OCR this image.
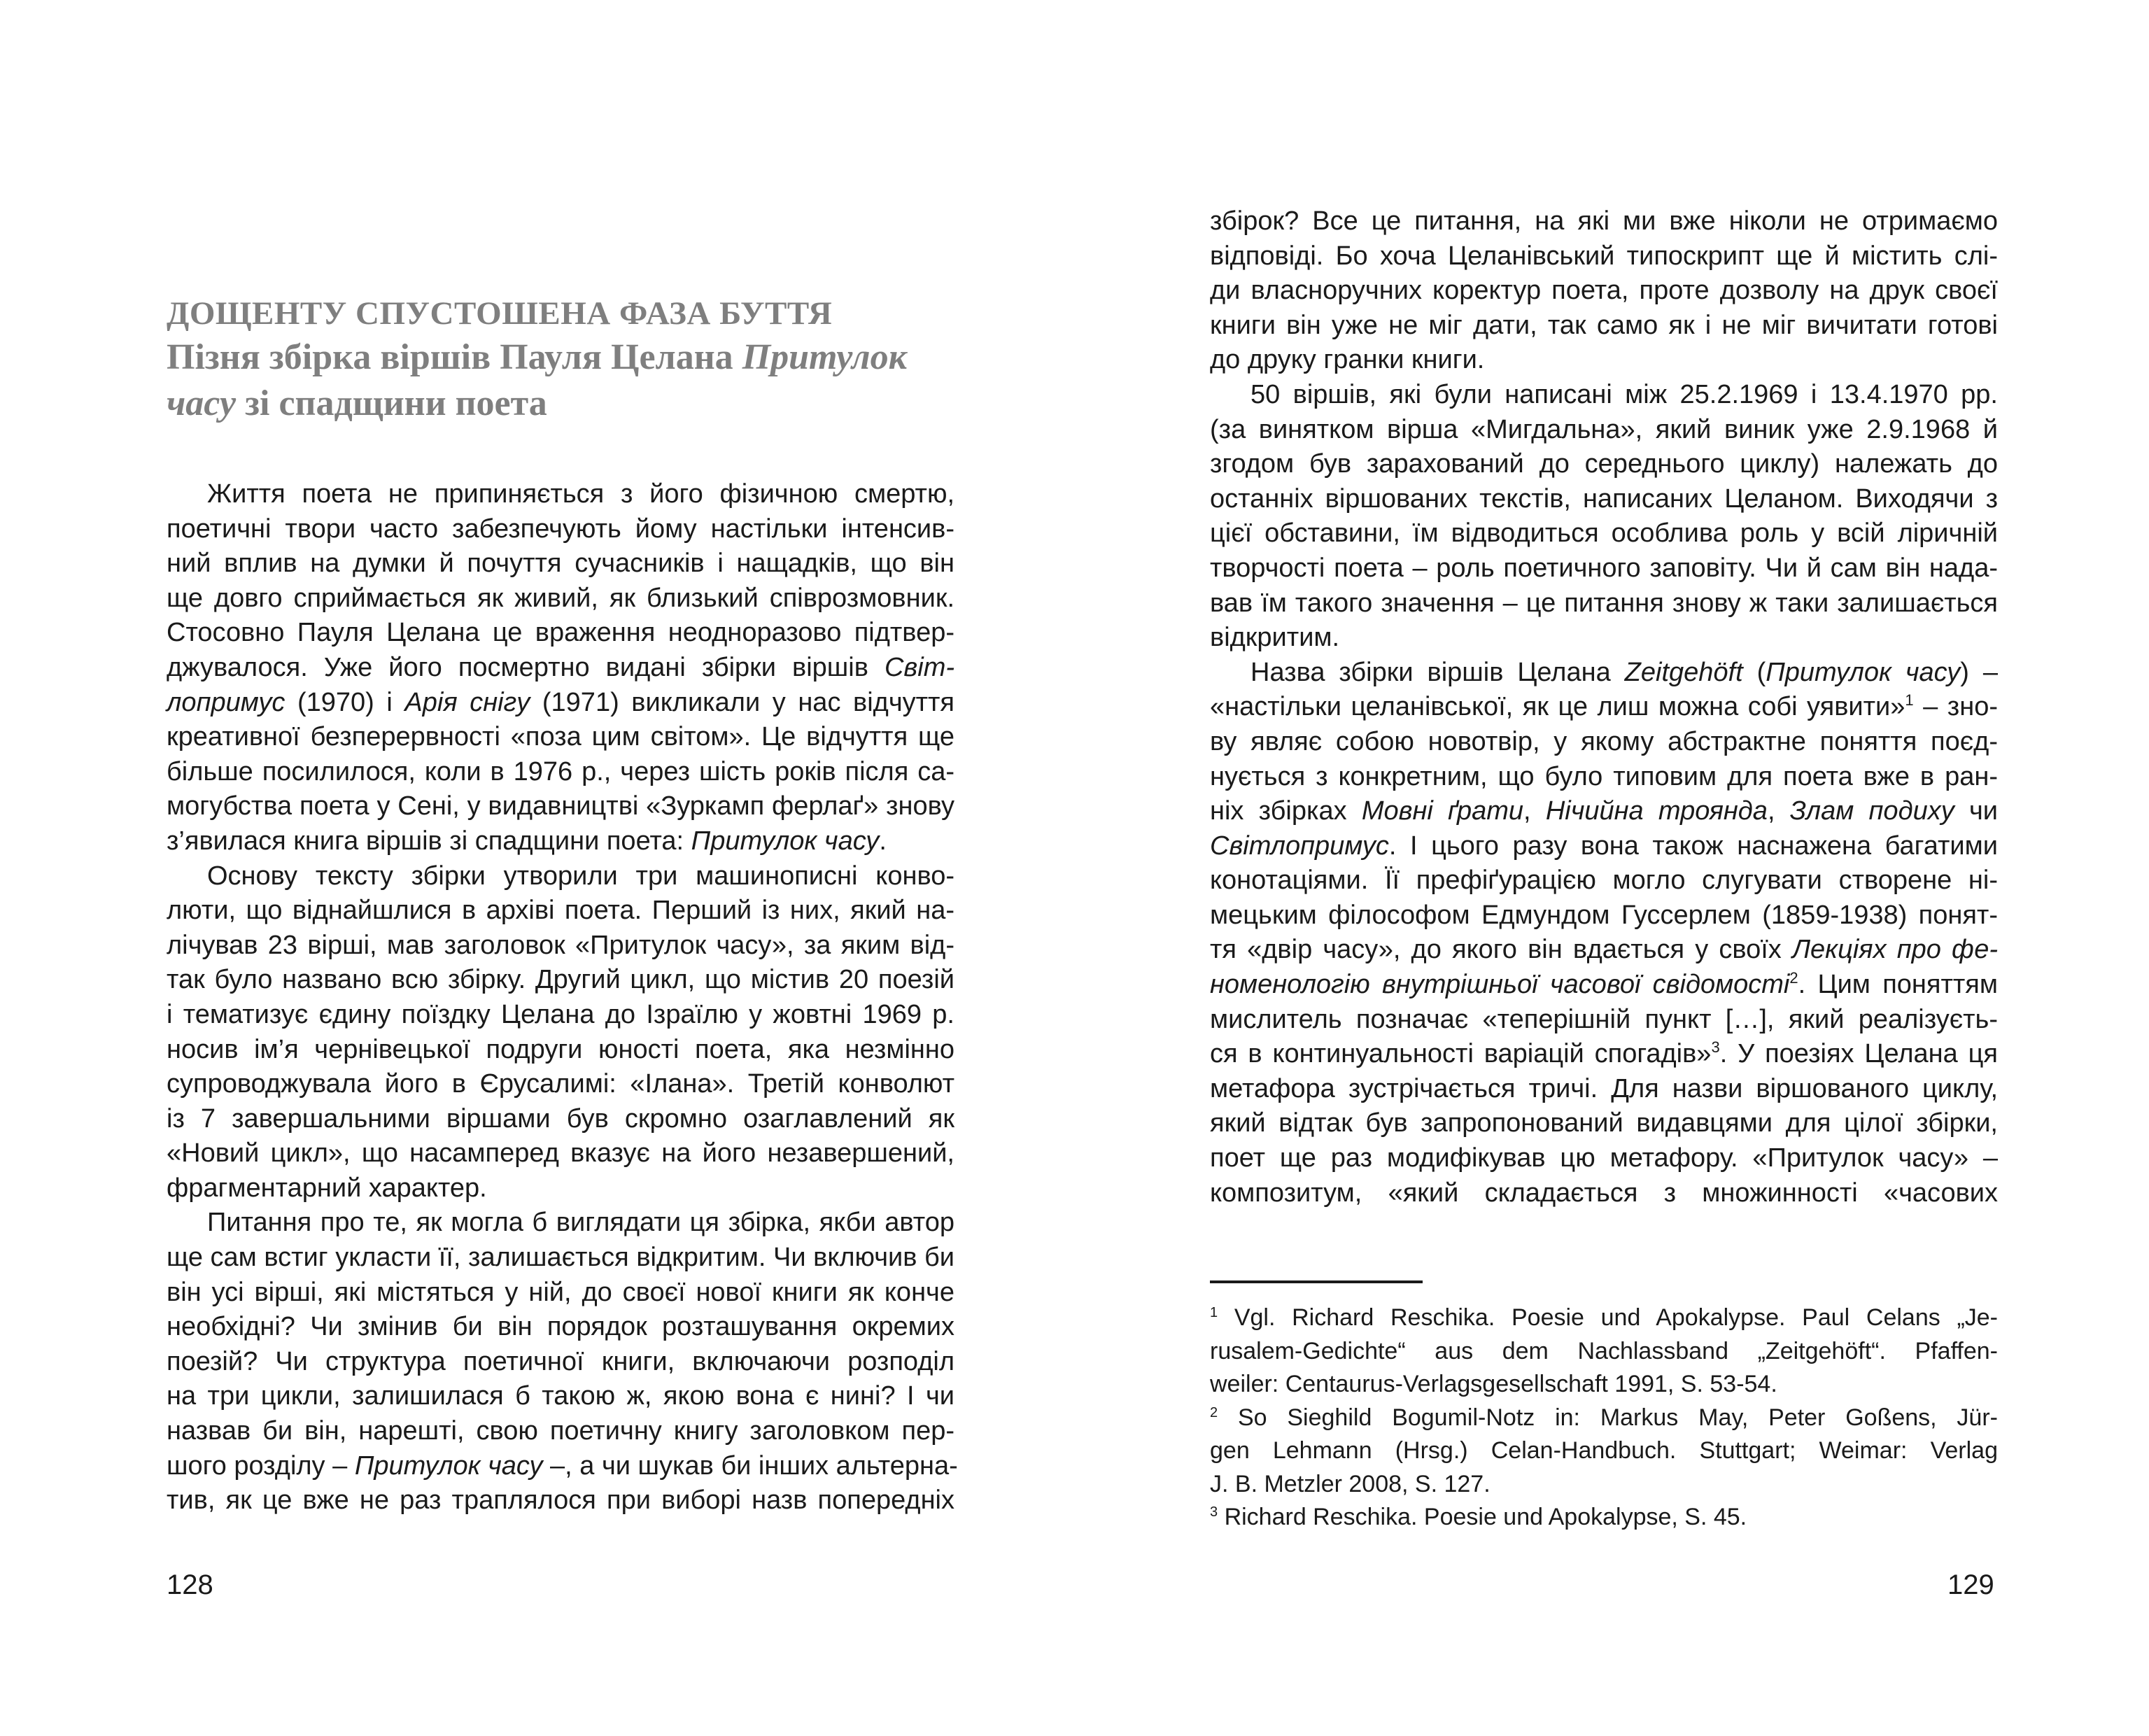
ДОЩЕНТУ СПУСТОШЕНА ФАЗА БУТТЯ
Пізня збірка віршів Пауля Целана Притулок
часу зі спадщини поета
Життя поета не припиняється з його фізичною смертю,
поетичні твори часто забезпечують йому настільки інтенсив-
ний вплив на думки й почуття сучасників і нащадків, що він
ще довго сприймається як живий, як близький співрозмовник.
Стосовно Пауля Целана це враження неодноразово підтвер-
джувалося. Уже його посмертно видані збірки віршів Світ-
лопримус (1970) і Арія снігу (1971) викликали у нас відчуття
креативної безперервності «поза цим світом». Це відчуття ще
більше посилилося, коли в 1976 р., через шість років після са-
могубства поета у Сені, у видавництві «Зуркамп ферлаґ» знову
з’явилася книга віршів зі спадщини поета: Притулок часу.
Основу тексту збірки утворили три машинописні конво-
люти, що віднайшлися в архіві поета. Перший із них, який на-
лічував 23 вірші, мав заголовок «Притулок часу», за яким від-
так було названо всю збірку. Другий цикл, що містив 20 поезій
і тематизує єдину поїздку Целана до Ізраїлю у жовтні 1969 р.
носив ім’я чернівецької подруги юності поета, яка незмінно
супроводжувала його в Єрусалимі: «Ілана». Третій конволют
із 7 завершальними віршами був скромно озаглавлений як
«Новий цикл», що насамперед вказує на його незавершений,
фрагментарний характер.
Питання про те, як могла б виглядати ця збірка, якби автор
ще сам встиг укласти її, залишається відкритим. Чи включив би
він усі вірші, які містяться у ній, до своєї нової книги як конче
необхідні? Чи змінив би він порядок розташування окремих
поезій? Чи структура поетичної книги, включаючи розподіл
на три цикли, залишилася б такою ж, якою вона є нині? І чи
назвав би він, нарешті, свою поетичну книгу заголовком пер-
шого розділу – Притулок часу –, а чи шукав би інших альтерна-
тив, як це вже не раз траплялося при виборі назв попередніх
128
збірок? Все це питання, на які ми вже ніколи не отримаємо
відповіді. Бо хоча Целанівський типоскрипт ще й містить слі-
ди власноручних коректур поета, проте дозволу на друк своєї
книги він уже не міг дати, так само як і не міг вичитати готові
до друку гранки книги.
50 віршів, які були написані між 25.2.1969 і 13.4.1970 рр.
(за винятком вірша «Мигдальна», який виник уже 2.9.1968 й
згодом був зарахований до середнього циклу) належать до
останніх віршованих текстів, написаних Целаном. Виходячи з
цієї обставини, їм відводиться особлива роль у всій ліричній
творчості поета – роль поетичного заповіту. Чи й сам він нада-
вав їм такого значення – це питання знову ж таки залишається
відкритим.
Назва збірки віршів Целана Zeitgehöft (Притулок часу) –
«настільки целанівської, як це лиш можна собі уявити»$^1$ – зно-
ву являє собою новотвір, у якому абстрактне поняття поєд-
нується з конкретним, що було типовим для поета вже в ран-
ніх збірках Мовні ґрати, Нічийна троянда, Злам подиху чи
Світлопримус. І цього разу вона також наснажена багатими
конотаціями. Її префіґурацією могло слугувати створене ні-
мецьким філософом Едмундом Гуссерлем (1859-1938) понят-
тя «двір часу», до якого він вдається у своїх Лекціях про фе-
номенологію внутрішньої часової свідомості$^2$. Цим поняттям
мислитель позначає «теперішній пункт […], який реалізуєть-
ся в континуальності варіацій спогадів»$^3$. У поезіях Целана ця
метафора зустрічається тричі. Для назви віршованого циклу,
який відтак був запропонований видавцями для цілої збірки,
поет ще раз модифікував цю метафору. «Притулок часу» –
композитум, «який складається з множинності «часових
$^1$ Vgl. Richard Reschika. Poesie und Apokalypse. Paul Celans „Je-
rusalem-Gedichte“ aus dem Nachlassband „Zeitgehöft“. Pfaffen-
weiler: Centaurus-Verlagsgesellschaft 1991, S. 53-54.
$^2$ So Sieghild Bogumil-Notz in: Markus May, Peter Goßens, Jür-
gen Lehmann (Hrsg.) Celan-Handbuch. Stuttgart; Weimar: Verlag
J. B. Metzler 2008, S. 127.
$^3$ Richard Reschika. Poesie und Apokalypse, S. 45.
129
